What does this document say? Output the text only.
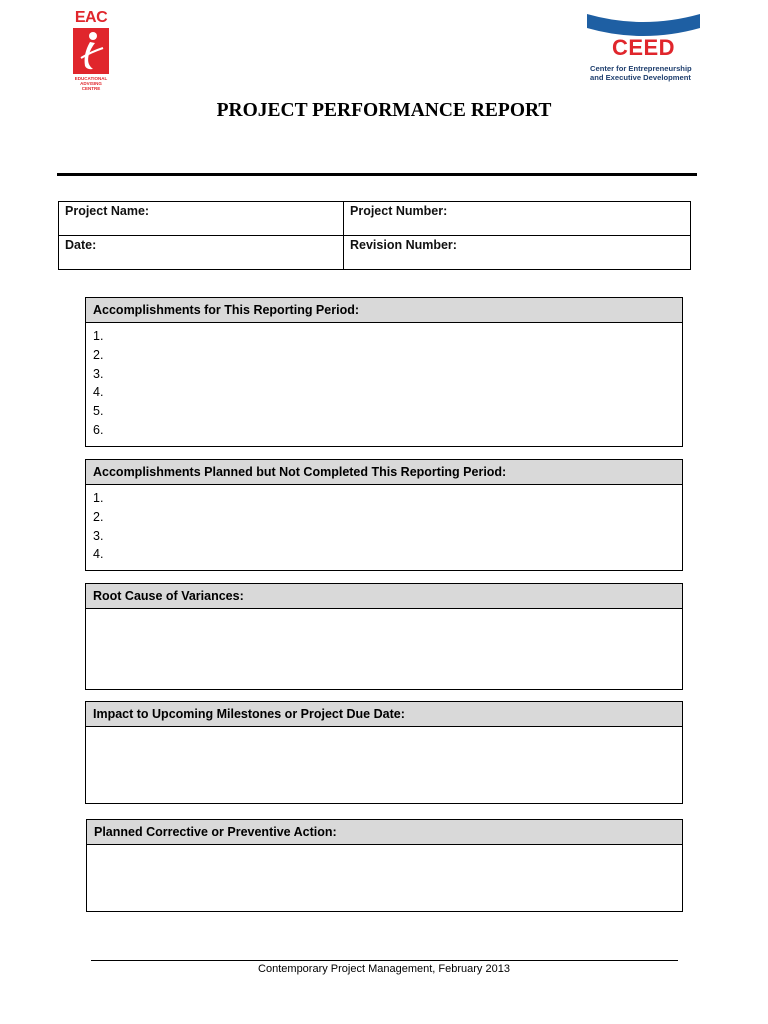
EAC
EDUCATIONAL
ADVISING
CENTRE
CEED
Center for Entrepreneurship
and Executive Development
PROJECT PERFORMANCE REPORT
Project Name:	Project Number:
Date:	Revision Number:
Accomplishments for This Reporting Period:
1.
2.
3.
4.
5.
6.
Accomplishments Planned but Not Completed This Reporting Period:
1.
2.
3.
4.
Root Cause of Variances:
Impact to Upcoming Milestones or Project Due Date:
Planned Corrective or Preventive Action:
Contemporary Project Management, February 2013
